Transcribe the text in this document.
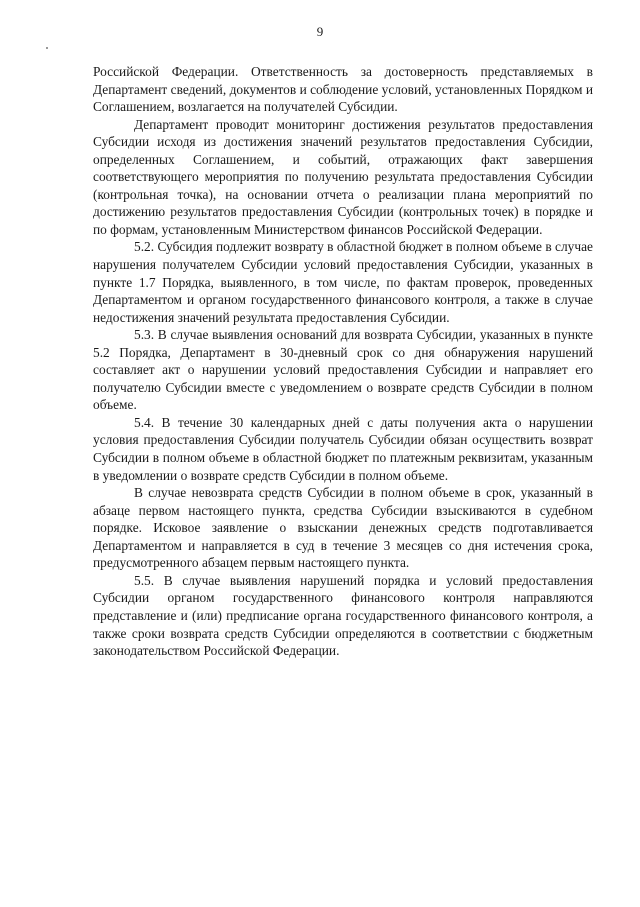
9

Российской Федерации. Ответственность за достоверность представляемых в Департамент сведений, документов и соблюдение условий, установленных Порядком и Соглашением, возлагается на получателей Субсидии.

Департамент проводит мониторинг достижения результатов предоставления Субсидии исходя из достижения значений результатов предоставления Субсидии, определенных Соглашением, и событий, отражающих факт завершения соответствующего мероприятия по получению результата предоставления Субсидии (контрольная точка), на основании отчета о реализации плана мероприятий по достижению результатов предоставления Субсидии (контрольных точек) в порядке и по формам, установленным Министерством финансов Российской Федерации.

5.2. Субсидия подлежит возврату в областной бюджет в полном объеме в случае нарушения получателем Субсидии условий предоставления Субсидии, указанных в пункте 1.7 Порядка, выявленного, в том числе, по фактам проверок, проведенных Департаментом и органом государственного финансового контроля, а также в случае недостижения значений результата предоставления Субсидии.

5.3. В случае выявления оснований для возврата Субсидии, указанных в пункте 5.2 Порядка, Департамент в 30-дневный срок со дня обнаружения нарушений составляет акт о нарушении условий предоставления Субсидии и направляет его получателю Субсидии вместе с уведомлением о возврате средств Субсидии в полном объеме.

5.4. В течение 30 календарных дней с даты получения акта о нарушении условия предоставления Субсидии получатель Субсидии обязан осуществить возврат Субсидии в полном объеме в областной бюджет по платежным реквизитам, указанным в уведомлении о возврате средств Субсидии в полном объеме.

В случае невозврата средств Субсидии в полном объеме в срок, указанный в абзаце первом настоящего пункта, средства Субсидии взыскиваются в судебном порядке. Исковое заявление о взыскании денежных средств подготавливается Департаментом и направляется в суд в течение 3 месяцев со дня истечения срока, предусмотренного абзацем первым настоящего пункта.

5.5. В случае выявления нарушений порядка и условий предоставления Субсидии органом государственного финансового контроля направляются представление и (или) предписание органа государственного финансового контроля, а также сроки возврата средств Субсидии определяются в соответствии с бюджетным законодательством Российской Федерации.
